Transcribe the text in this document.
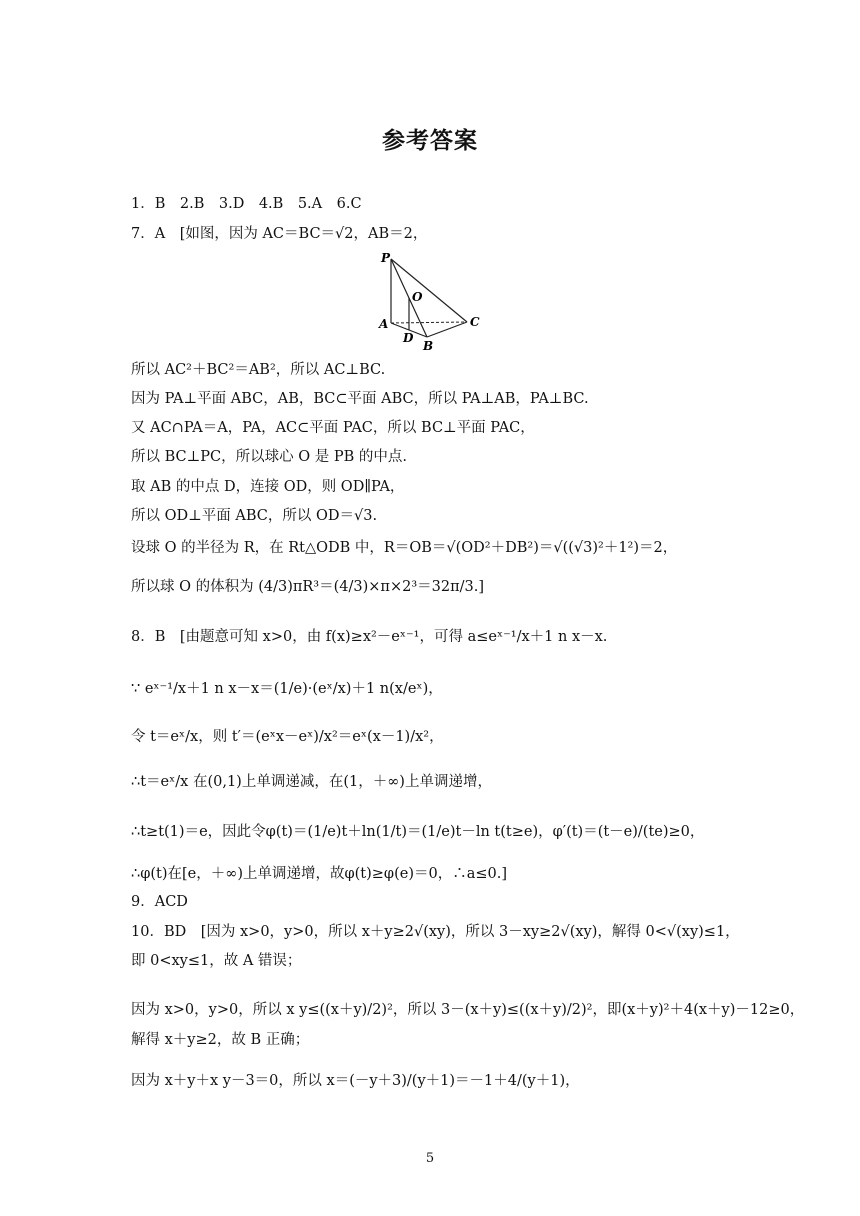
参考答案
1．B　2.B　3.D　4.B　5.A　6.C
7．A　[如图，因为 AC＝BC＝√2，AB＝2，
P
O
A	C
D
B
所以 AC²＋BC²＝AB²，所以 AC⊥BC.
因为 PA⊥平面 ABC，AB，BC⊂平面 ABC，所以 PA⊥AB，PA⊥BC.
又 AC∩PA＝A，PA，AC⊂平面 PAC，所以 BC⊥平面 PAC，
所以 BC⊥PC，所以球心 O 是 PB 的中点.
取 AB 的中点 D，连接 OD，则 OD∥PA，
所以 OD⊥平面 ABC，所以 OD＝√3.
设球 O 的半径为 R，在 Rt△ODB 中，R＝OB＝√(OD²＋DB²)＝√((√3)²＋1²)＝2，
所以球 O 的体积为 (4/3)πR³＝(4/3)×π×2³＝32π/3.]
8．B　[由题意可知 x>0，由 f(x)≥x²－eˣ⁻¹，可得 a≤eˣ⁻¹/x＋1 n x－x.
∵ eˣ⁻¹/x＋1 n x－x＝(1/e)·(eˣ/x)＋1 n(x/eˣ)，
令 t＝eˣ/x，则 t′＝(eˣx－eˣ)/x²＝eˣ(x－1)/x²，
∴t＝eˣ/x 在(0,1)上单调递减，在(1，＋∞)上单调递增，
∴t≥t(1)＝e，因此令φ(t)＝(1/e)t＋ln(1/t)＝(1/e)t－ln t(t≥e)，φ′(t)＝(t－e)/(te)≥0，
∴φ(t)在[e，＋∞)上单调递增，故φ(t)≥φ(e)＝0，∴a≤0.]
9．ACD
10．BD　[因为 x>0，y>0，所以 x＋y≥2√(xy)，所以 3－xy≥2√(xy)，解得 0<√(xy)≤1，
即 0<xy≤1，故 A 错误；
因为 x>0，y>0，所以 x y≤((x＋y)/2)²，所以 3－(x＋y)≤((x＋y)/2)²，即(x＋y)²＋4(x＋y)－12≥0，
解得 x＋y≥2，故 B 正确；
因为 x＋y＋x y－3＝0，所以 x＝(－y＋3)/(y＋1)＝－1＋4/(y＋1)，
5
